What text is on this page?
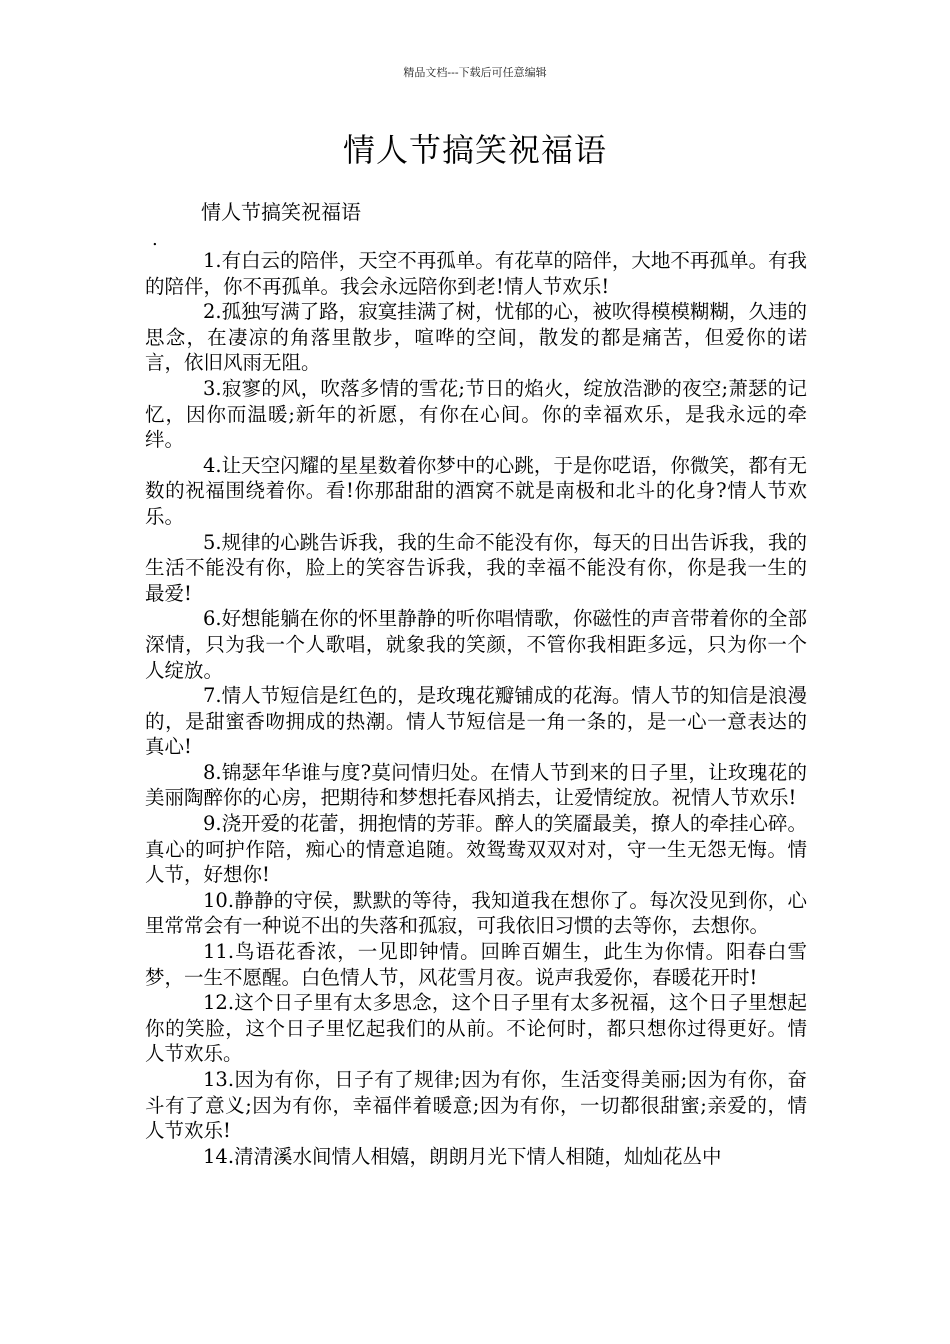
精品文档---下载后可任意编辑
情人节搞笑祝福语
情人节搞笑祝福语
.

1.有白云的陪伴，天空不再孤单。有花草的陪伴，大地不再孤单。有我的陪伴，你不再孤单。我会永远陪你到老!情人节欢乐!

2.孤独写满了路，寂寞挂满了树，忧郁的心，被吹得模模糊糊，久违的思念，在凄凉的角落里散步，喧哗的空间，散发的都是痛苦，但爱你的诺言，依旧风雨无阻。

3.寂寥的风，吹落多情的雪花;节日的焰火，绽放浩渺的夜空;萧瑟的记忆，因你而温暖;新年的祈愿，有你在心间。你的幸福欢乐，是我永远的牵绊。

4.让天空闪耀的星星数着你梦中的心跳，于是你呓语，你微笑，都有无数的祝福围绕着你。看!你那甜甜的酒窝不就是南极和北斗的化身?情人节欢乐。

5.规律的心跳告诉我，我的生命不能没有你，每天的日出告诉我，我的生活不能没有你，脸上的笑容告诉我，我的幸福不能没有你，你是我一生的最爱!

6.好想能躺在你的怀里静静的听你唱情歌，你磁性的声音带着你的全部深情，只为我一个人歌唱，就象我的笑颜，不管你我相距多远，只为你一个人绽放。

7.情人节短信是红色的，是玫瑰花瓣铺成的花海。情人节的知信是浪漫的，是甜蜜香吻拥成的热潮。情人节短信是一角一条的，是一心一意表达的真心!

8.锦瑟年华谁与度?莫问情归处。在情人节到来的日子里，让玫瑰花的美丽陶醉你的心房，把期待和梦想托春风捎去，让爱情绽放。祝情人节欢乐!

9.浇开爱的花蕾，拥抱情的芳菲。醉人的笑靥最美，撩人的牵挂心碎。真心的呵护作陪，痴心的情意追随。效鸳鸯双双对对，守一生无怨无悔。情人节，好想你!

10.静静的守侯，默默的等待，我知道我在想你了。每次没见到你，心里常常会有一种说不出的失落和孤寂，可我依旧习惯的去等你，去想你。

11.鸟语花香浓，一见即钟情。回眸百媚生，此生为你情。阳春白雪梦，一生不愿醒。白色情人节，风花雪月夜。说声我爱你，春暖花开时!

12.这个日子里有太多思念，这个日子里有太多祝福，这个日子里想起你的笑脸，这个日子里忆起我们的从前。不论何时，都只想你过得更好。情人节欢乐。

13.因为有你，日子有了规律;因为有你，生活变得美丽;因为有你，奋斗有了意义;因为有你，幸福伴着暖意;因为有你，一切都很甜蜜;亲爱的，情人节欢乐!

14.清清溪水间情人相嬉，朗朗月光下情人相随，灿灿花丛中
